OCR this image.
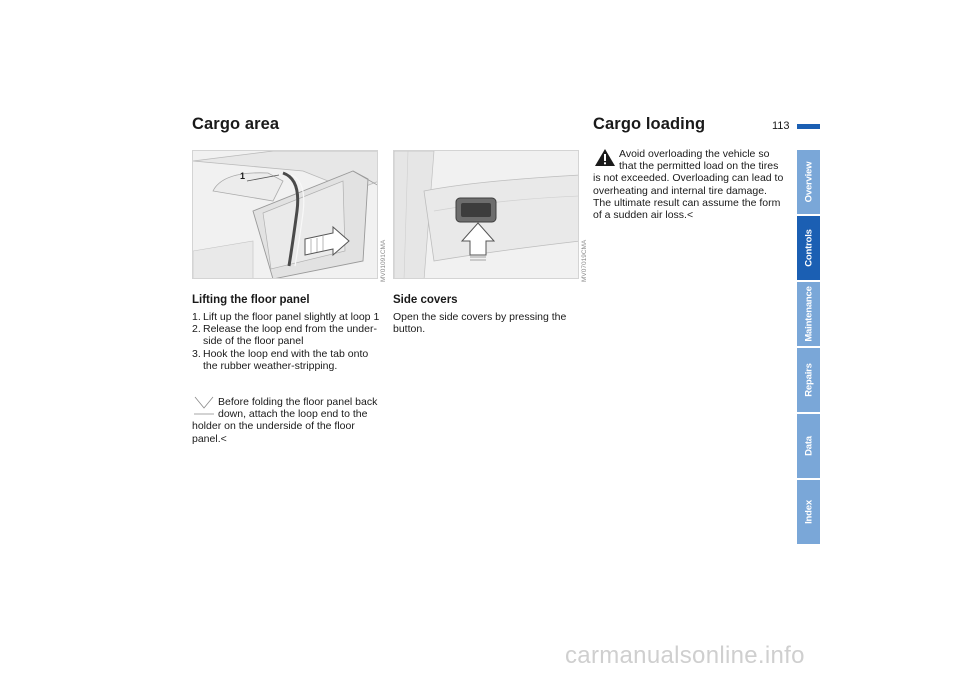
Cargo area	Cargo loading	113
1
MV01091CMA	MV07019CMA
Lifting the floor panel
1. Lift up the floor panel slightly at loop 1
2. Release the loop end from the under-side of the floor panel
3. Hook the loop end with the tab onto the rubber weather-stripping.
Before folding the floor panel back down, attach the loop end to the holder on the underside of the floor panel.<
Side covers
Open the side covers by pressing the button.
Avoid overloading the vehicle so that the permitted load on the tires is not exceeded. Overloading can lead to overheating and internal tire damage. The ultimate result can assume the form of a sudden air loss.<
Overview
Controls
Maintenance
Repairs
Data
Index
carmanualsonline.info
